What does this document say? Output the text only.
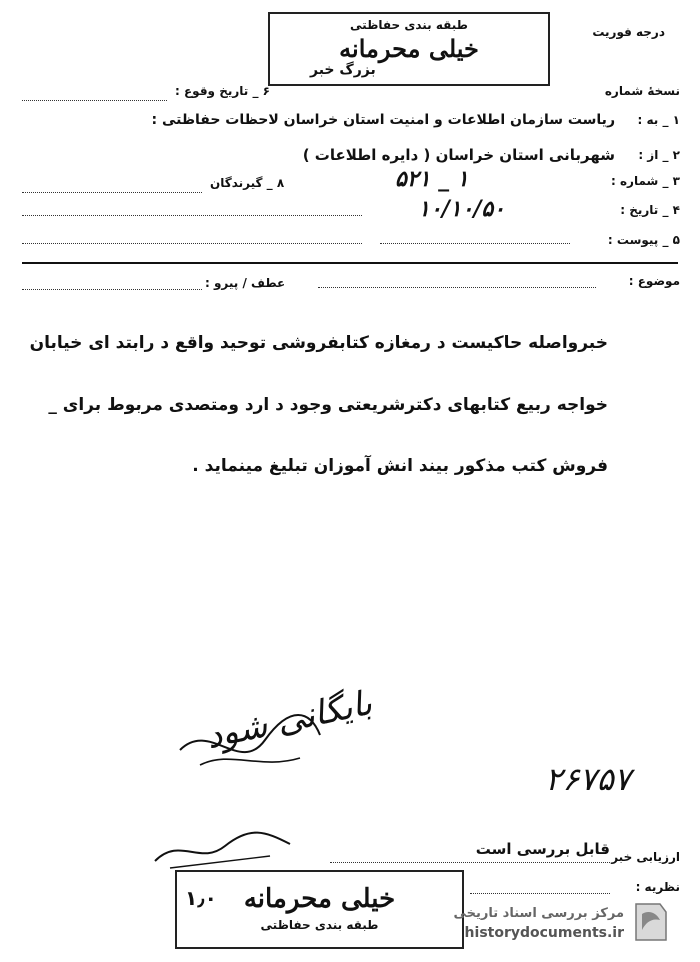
درجه فوریت
طبقه بندی حفاظتی
خیلی محرمانه
بزرگ خبر
نسخهٔ شماره
۶ _ تاریخ وقوع :
۱ _ به :
ریاست سازمان اطلاعات و امنیت استان خراسان لاحظات حفاظتی :
۲ _ از :
شهربانی استان خراسان ( دایره اطلاعات )
۳ _ شماره :
۱ _ ۵۲۱
۸ _ گیرندگان
۴ _ تاریخ :
۱۰/۱۰/۵۰
۵ _ پیوست :
موضوع :
عطف / پیرو :
خبرواصله حاکیست د رمغازه کتابفروشی توحید واقع د رابتد ای خیابان
خواجه ربیع کتابهای دکترشریعتی وجود د ارد ومتصدی مربوط برای _
فروش کتب مذکور بیند انش آموزان تبلیغ مینماید .
بایگانی شود
۲۶۷۵۷
ارزیابی خبر
قابل بررسی است
نظریه :
خیلی محرمانه
۱٫۰
طبقه بندی حفاظتی
مرکز بررسی اسناد تاریخی
historydocuments.ir
